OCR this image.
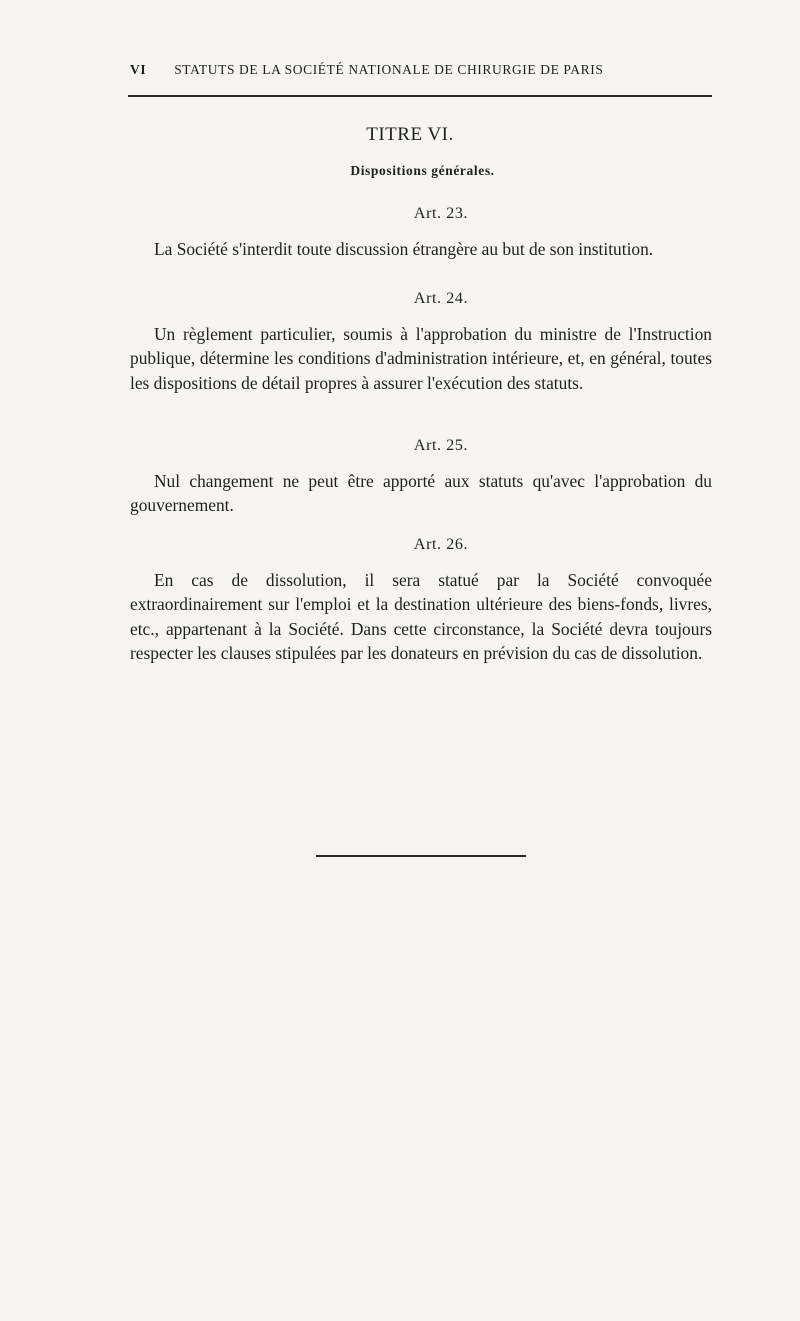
VI STATUTS DE LA SOCIÉTÉ NATIONALE DE CHIRURGIE DE PARIS
TITRE VI.
Dispositions générales.

Art. 23.

La Société s'interdit toute discussion étrangère au but de son institution.

Art. 24.

Un règlement particulier, soumis à l'approbation du ministre de l'Instruction publique, détermine les conditions d'administration intérieure, et, en général, toutes les dispositions de détail propres à assurer l'exécution des statuts.

Art. 25.

Nul changement ne peut être apporté aux statuts qu'avec l'approbation du gouvernement.

Art. 26.

En cas de dissolution, il sera statué par la Société convoquée extraordinairement sur l'emploi et la destination ultérieure des biens-fonds, livres, etc., appartenant à la Société. Dans cette circonstance, la Société devra toujours respecter les clauses stipulées par les donateurs en prévision du cas de dissolution.
